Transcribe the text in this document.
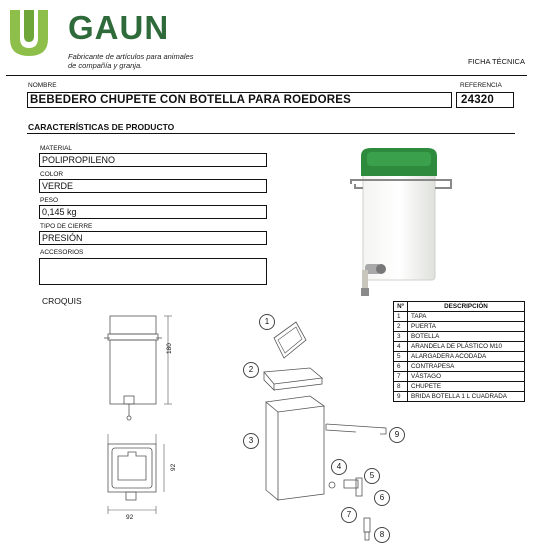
GAUN
Fabricante de artículos para animales
de compañía y granja.	FICHA TÉCNICA
NOMBRE	REFERENCIA
BEBEDERO CHUPETE CON BOTELLA PARA ROEDORES	24320
CARACTERÍSTICAS DE PRODUCTO
MATERIAL
POLIPROPILENO
COLOR
VERDE
PESO
0,145 kg
TIPO DE CIERRE
PRESIÓN
ACCESORIOS
CROQUIS
180
92
92
1
2
3
4
5
6
7
8
9
Nº	DESCRIPCIÓN
1	TAPA
2	PUERTA
3	BOTELLA
4	ARANDELA DE PLÁSTICO M10
5	ALARGADERA ACODADA
6	CONTRAPESA
7	VÁSTAGO
8	CHUPETE
9	BRIDA BOTELLA 1 L CUADRADA
